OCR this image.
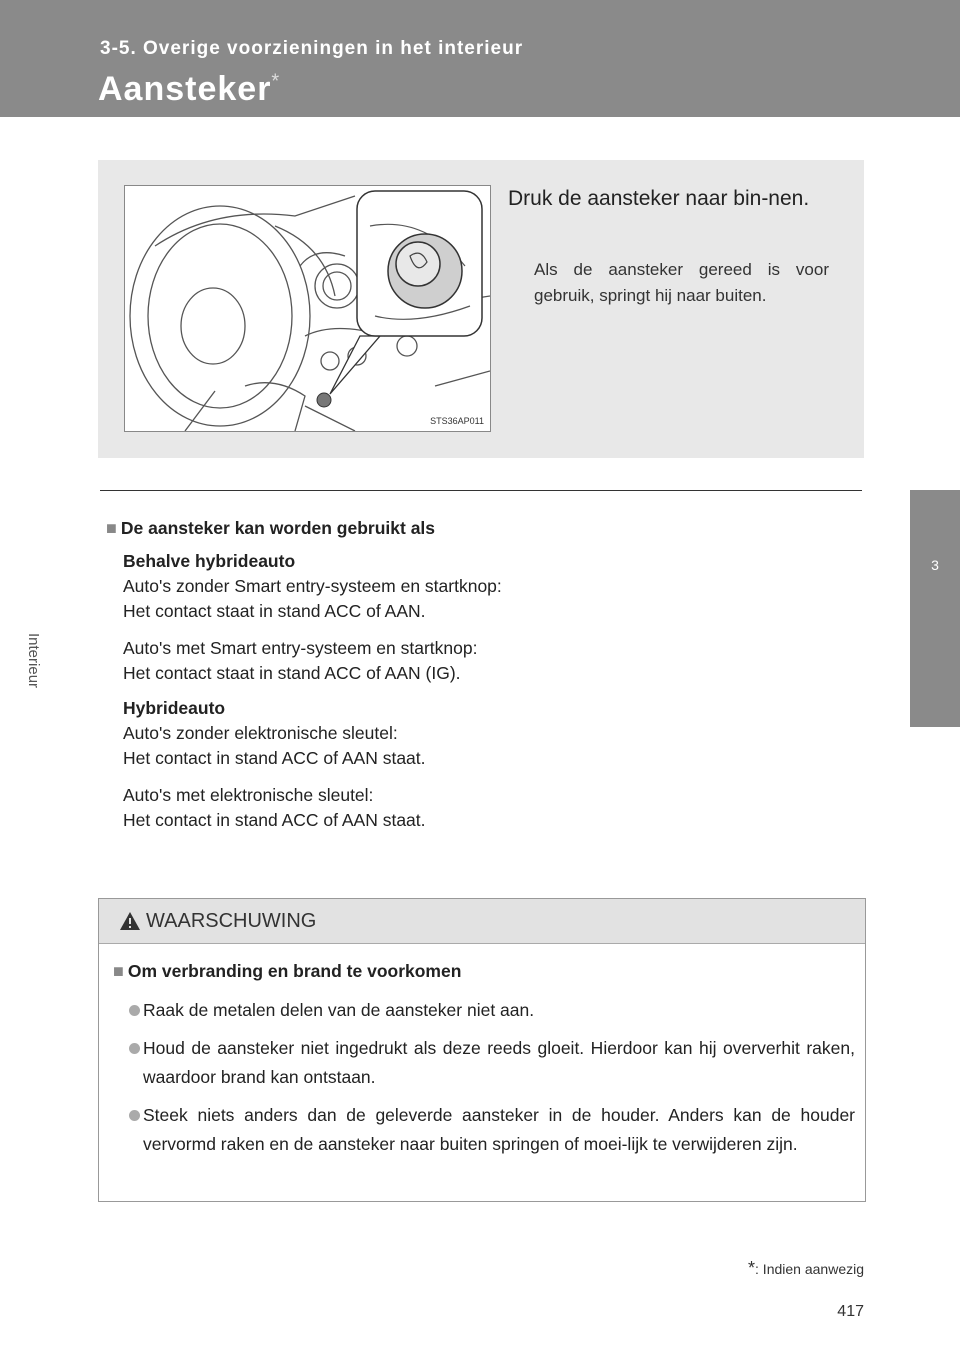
3-5. Overige voorzieningen in het interieur
Aansteker*
3
Interieur
STS36AP011
Druk de aansteker naar bin-nen.
Als de aansteker gereed is voor gebruik, springt hij naar buiten.
■ De aansteker kan worden gebruikt als
Behalve hybrideauto
Auto's zonder Smart entry-systeem en startknop:
Het contact staat in stand ACC of AAN.
Auto's met Smart entry-systeem en startknop:
Het contact staat in stand ACC of AAN (IG).
Hybrideauto
Auto's zonder elektronische sleutel:
Het contact in stand ACC of AAN staat.
Auto's met elektronische sleutel:
Het contact in stand ACC of AAN staat.
WAARSCHUWING
■ Om verbranding en brand te voorkomen
Raak de metalen delen van de aansteker niet aan.
Houd de aansteker niet ingedrukt als deze reeds gloeit. Hierdoor kan hij oververhit raken, waardoor brand kan ontstaan.
Steek niets anders dan de geleverde aansteker in de houder. Anders kan de houder vervormd raken en de aansteker naar buiten springen of moei-lijk te verwijderen zijn.
*: Indien aanwezig
417
